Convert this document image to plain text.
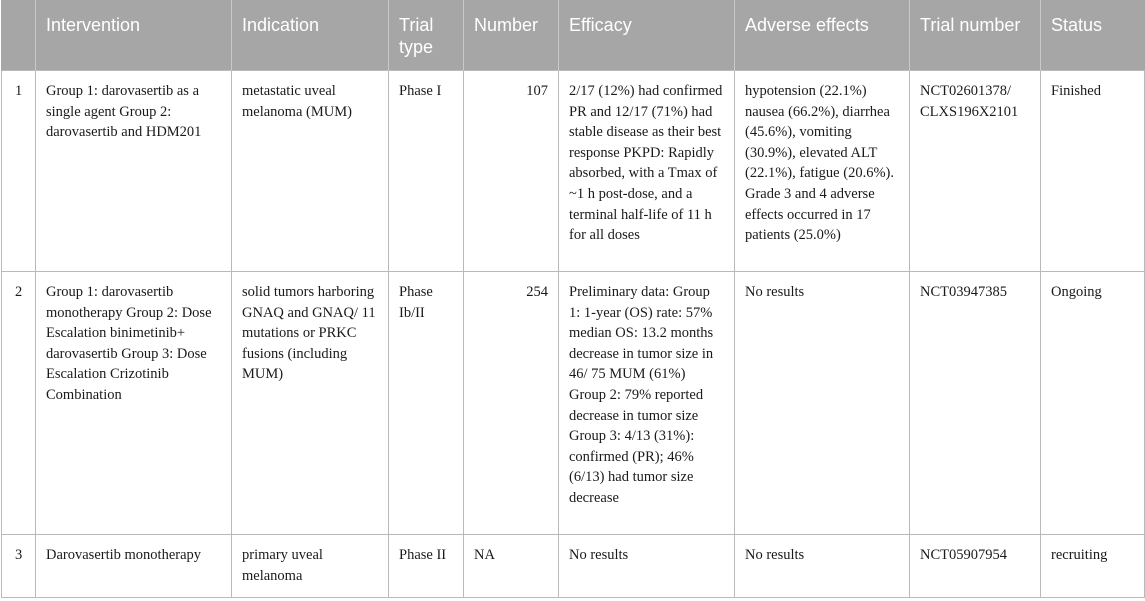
	Intervention	Indication	Trial type	Number	Efficacy	Adverse effects	Trial number	Status
1	Group 1: darovasertib as a single agent Group 2: darovasertib and HDM201	metastatic uveal melanoma (MUM)	Phase I	107	2/17 (12%) had confirmed PR and 12/17 (71%) had stable disease as their best response PKPD: Rapidly absorbed, with a Tmax of ~1 h post-dose, and a terminal half-life of 11 h for all doses	hypotension (22.1%) nausea (66.2%), diarrhea (45.6%), vomiting (30.9%), elevated ALT (22.1%), fatigue (20.6%). Grade 3 and 4 adverse effects occurred in 17 patients (25.0%)	NCT02601378/ CLXS196X2101	Finished
2	Group 1: darovasertib monotherapy Group 2: Dose Escalation binimetinib+ darovasertib Group 3: Dose Escalation Crizotinib Combination	solid tumors harboring GNAQ and GNAQ/ 11 mutations or PRKC fusions (including MUM)	Phase Ib/II	254	Preliminary data: Group 1: 1-year (OS) rate: 57% median OS: 13.2 months decrease in tumor size in 46/ 75 MUM (61%) Group 2: 79% reported decrease in tumor size Group 3: 4/13 (31%): confirmed (PR); 46% (6/13) had tumor size decrease	No results	NCT03947385	Ongoing
3	Darovasertib monotherapy	primary uveal melanoma	Phase II	NA	No results	No results	NCT05907954	recruiting
